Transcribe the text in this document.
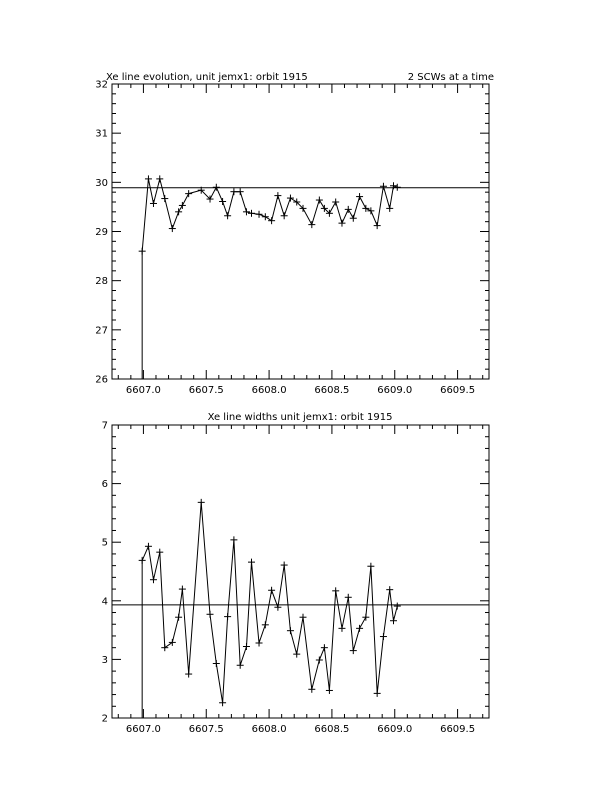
Xe line evolution, unit jemx1: orbit 1915	2 SCWs at a time
6607.0	6607.5	6608.0	6608.5	6609.0	6609.5
26
27
28
29
30
31
32
Xe line widths unit jemx1: orbit 1915
6607.0	6607.5	6608.0	6608.5	6609.0	6609.5
2
3
4
5
6
7
